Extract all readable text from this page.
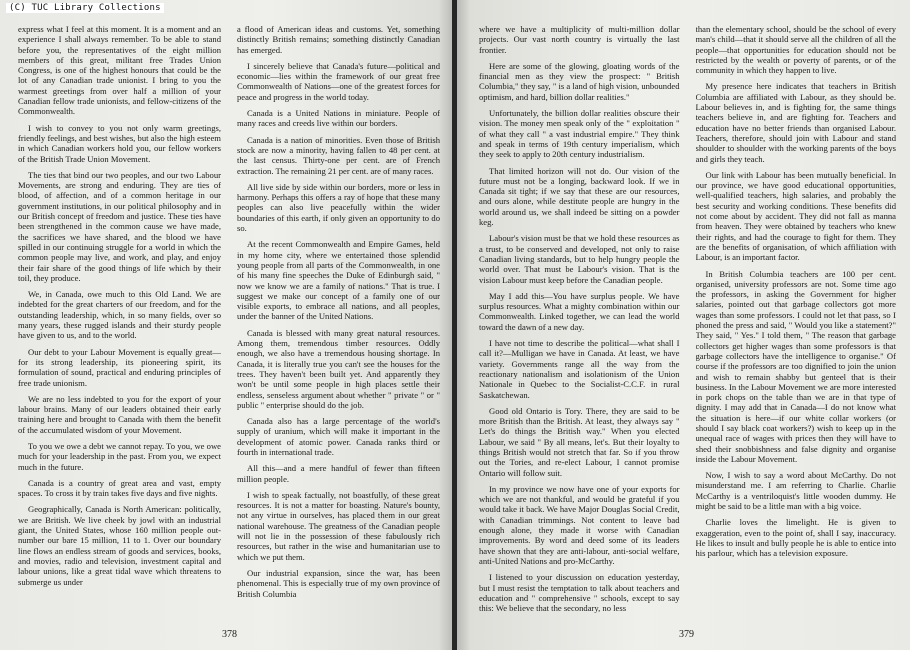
(C) TUC Library Collections

express what I feel at this moment. It is a moment and an experience I shall always remember. To be able to stand before you, the representatives of the eight million members of this great, militant free Trades Union Congress, is one of the highest honours that could be the lot of any Canadian trade unionist. I bring to you the warmest greetings from over half a million of your Canadian fellow trade unionists, and fellow-citizens of the Commonwealth.

I wish to convey to you not only warm greetings, friendly feelings, and best wishes, but also the high esteem in which Canadian workers hold you, our fellow workers of the British Trade Union Movement.

The ties that bind our two peoples, and our two Labour Movements, are strong and enduring. They are ties of blood, of affection, and of a common heritage in our government institutions, in our political philosophy and in our British concept of freedom and justice. These ties have been strengthened in the common cause we have made, the sacrifices we have shared, and the blood we have spilled in our continuing struggle for a world in which the common people may live, and work, and play, and enjoy their fair share of the good things of life which by their toil, they produce.

We, in Canada, owe much to this Old Land. We are indebted for the great charters of our freedom, and for the outstanding leadership, which, in so many fields, over so many years, these rugged islands and their sturdy people have given to us, and to the world.

Our debt to your Labour Movement is equally great—for its strong leadership, its pioneering spirit, its formulation of sound, practical and enduring principles of free trade unionism.

We are no less indebted to you for the export of your labour brains. Many of our leaders obtained their early training here and brought to Canada with them the benefit of the accumulated wisdom of your Movement.

To you we owe a debt we cannot repay. To you, we owe much for your leadership in the past. From you, we expect much in the future.

Canada is a country of great area and vast, empty spaces. To cross it by train takes five days and five nights.

Geographically, Canada is North American: politically, we are British. We live cheek by jowl with an industrial giant, the United States, whose 160 million people out-number our bare 15 million, 11 to 1. Over our boundary line flows an endless stream of goods and services, books, and movies, radio and television, investment capital and labour unions, like a great tidal wave which threatens to submerge us under

a flood of American ideas and customs. Yet, something distinctly British remains; something distinctly Canadian has emerged.

I sincerely believe that Canada's future—political and economic—lies within the framework of our great free Commonwealth of Nations—one of the greatest forces for peace and progress in the world today.

Canada is a United Nations in miniature. People of many races and creeds live within our borders.

Canada is a nation of minorities. Even those of British stock are now a minority, having fallen to 48 per cent. at the last census. Thirty-one per cent. are of French extraction. The remaining 21 per cent. are of many races.

All live side by side within our borders, more or less in harmony. Perhaps this offers a ray of hope that these many peoples can also live peacefully within the wider boundaries of this earth, if only given an opportunity to do so.

At the recent Commonwealth and Empire Games, held in my home city, where we entertained those splendid young people from all parts of the Commonwealth, in one of his many fine speeches the Duke of Edinburgh said, " now we know we are a family of nations." That is true. I suggest we make our concept of a family one of our visible exports, to embrace all nations, and all peoples, under the banner of the United Nations.

Canada is blessed with many great natural resources. Among them, tremendous timber resources. Oddly enough, we also have a tremendous housing shortage. In Canada, it is literally true you can't see the houses for the trees. They haven't been built yet. And apparently they won't be until some people in high places settle their endless, senseless argument about whether " private " or " public " enterprise should do the job.

Canada also has a large percentage of the world's supply of uranium, which will make it important in the development of atomic power. Canada ranks third or fourth in international trade.

All this—and a mere handful of fewer than fifteen million people.

I wish to speak factually, not boastfully, of these great resources. It is not a matter for boasting. Nature's bounty, not any virtue in ourselves, has placed them in our great national warehouse. The greatness of the Canadian people will not lie in the possession of these fabulously rich resources, but rather in the wise and humanitarian use to which we put them.

Our industrial expansion, since the war, has been phenomenal. This is especially true of my own province of British Columbia

378

where we have a multiplicity of multi-million dollar projects. Our vast north country is virtually the last frontier.

Here are some of the glowing, gloating words of the financial men as they view the prospect: " British Columbia," they say, " is a land of high vision, unbounded optimism, and hard, billion dollar realities."

Unfortunately, the billion dollar realities obscure their vision. The money men speak only of the " exploitation " of what they call " a vast industrial empire." They think and speak in terms of 19th century imperialism, which they seek to apply to 20th century industrialism.

That limited horizon will not do. Our vision of the future must not be a longing, backward look. If we in Canada sit tight; if we say that these are our resources, and ours alone, while destitute people are hungry in the world around us, we shall indeed be sitting on a powder keg.

Labour's vision must be that we hold these resources as a trust, to be conserved and developed, not only to raise Canadian living standards, but to help hungry people the world over. That must be Labour's vision. That is the vision Labour must keep before the Canadian people.

May I add this—You have surplus people. We have surplus resources. What a mighty combination within our Commonwealth. Linked together, we can lead the world toward the dawn of a new day.

I have not time to describe the political—what shall I call it?—Mulligan we have in Canada. At least, we have variety. Governments range all the way from the reactionary nationalism and isolationism of the Union Nationale in Quebec to the Socialist-C.C.F. in rural Saskatchewan.

Good old Ontario is Tory. There, they are said to be more British than the British. At least, they always say " Let's do things the British way." When you elected Labour, we said " By all means, let's. But their loyalty to things British would not stretch that far. So if you throw out the Tories, and re-elect Labour, I cannot promise Ontario will follow suit.

In my province we now have one of your exports for which we are not thankful, and would be grateful if you would take it back. We have Major Douglas Social Credit, with Canadian trimmings. Not content to leave bad enough alone, they made it worse with Canadian improvements. By word and deed some of its leaders have shown that they are anti-labour, anti-social welfare, anti-United Nations and pro-McCarthy.

I listened to your discussion on education yesterday, but I must resist the temptation to talk about teachers and education and " comprehensive " schools, except to say this: We believe that the secondary, no less

than the elementary school, should be the school of every man's child—that it should serve all the children of all the people—that opportunities for education should not be restricted by the wealth or poverty of parents, or of the community in which they happen to live.

My presence here indicates that teachers in British Columbia are affiliated with Labour, as they should be. Labour believes in, and is fighting for, the same things teachers believe in, and are fighting for. Teachers and education have no better friends than organised Labour. Teachers, therefore, should join with Labour and stand shoulder to shoulder with the working parents of the boys and girls they teach.

Our link with Labour has been mutually beneficial. In our province, we have good educational opportunities, well-qualified teachers, high salaries, and probably the best security and working conditions. These benefits did not come about by accident. They did not fall as manna from heaven. They were obtained by teachers who knew their rights, and had the courage to fight for them. They are the benefits of organisation, of which affiliation with Labour, is an important factor.

In British Columbia teachers are 100 per cent. organised, university professors are not. Some time ago the professors, in asking the Government for higher salaries, pointed out that garbage collectors got more wages than some professors. I could not let that pass, so I phoned the press and said, " Would you like a statement?" They said, " Yes." I told them, " The reason that garbage collectors get higher wages than some professors is that garbage collectors have the intelligence to organise." Of course if the professors are too dignified to join the union and wish to remain shabby but genteel that is their business. In the Labour Movement we are more interested in pork chops on the table than we are in that type of dignity. I may add that in Canada—I do not know what the situation is here—if our white collar workers (or should I say black coat workers?) wish to keep up in the unequal race of wages with prices then they will have to shed their snobbishness and false dignity and organise inside the Labour Movement.

Now, I wish to say a word about McCarthy. Do not misunderstand me. I am referring to Charlie. Charlie McCarthy is a ventriloquist's little wooden dummy. He might be said to be a little man with a big voice.

Charlie loves the limelight. He is given to exaggeration, even to the point of, shall I say, inaccuracy. He likes to insult and bully people he is able to entice into his parlour, which has a television exposure.

379
